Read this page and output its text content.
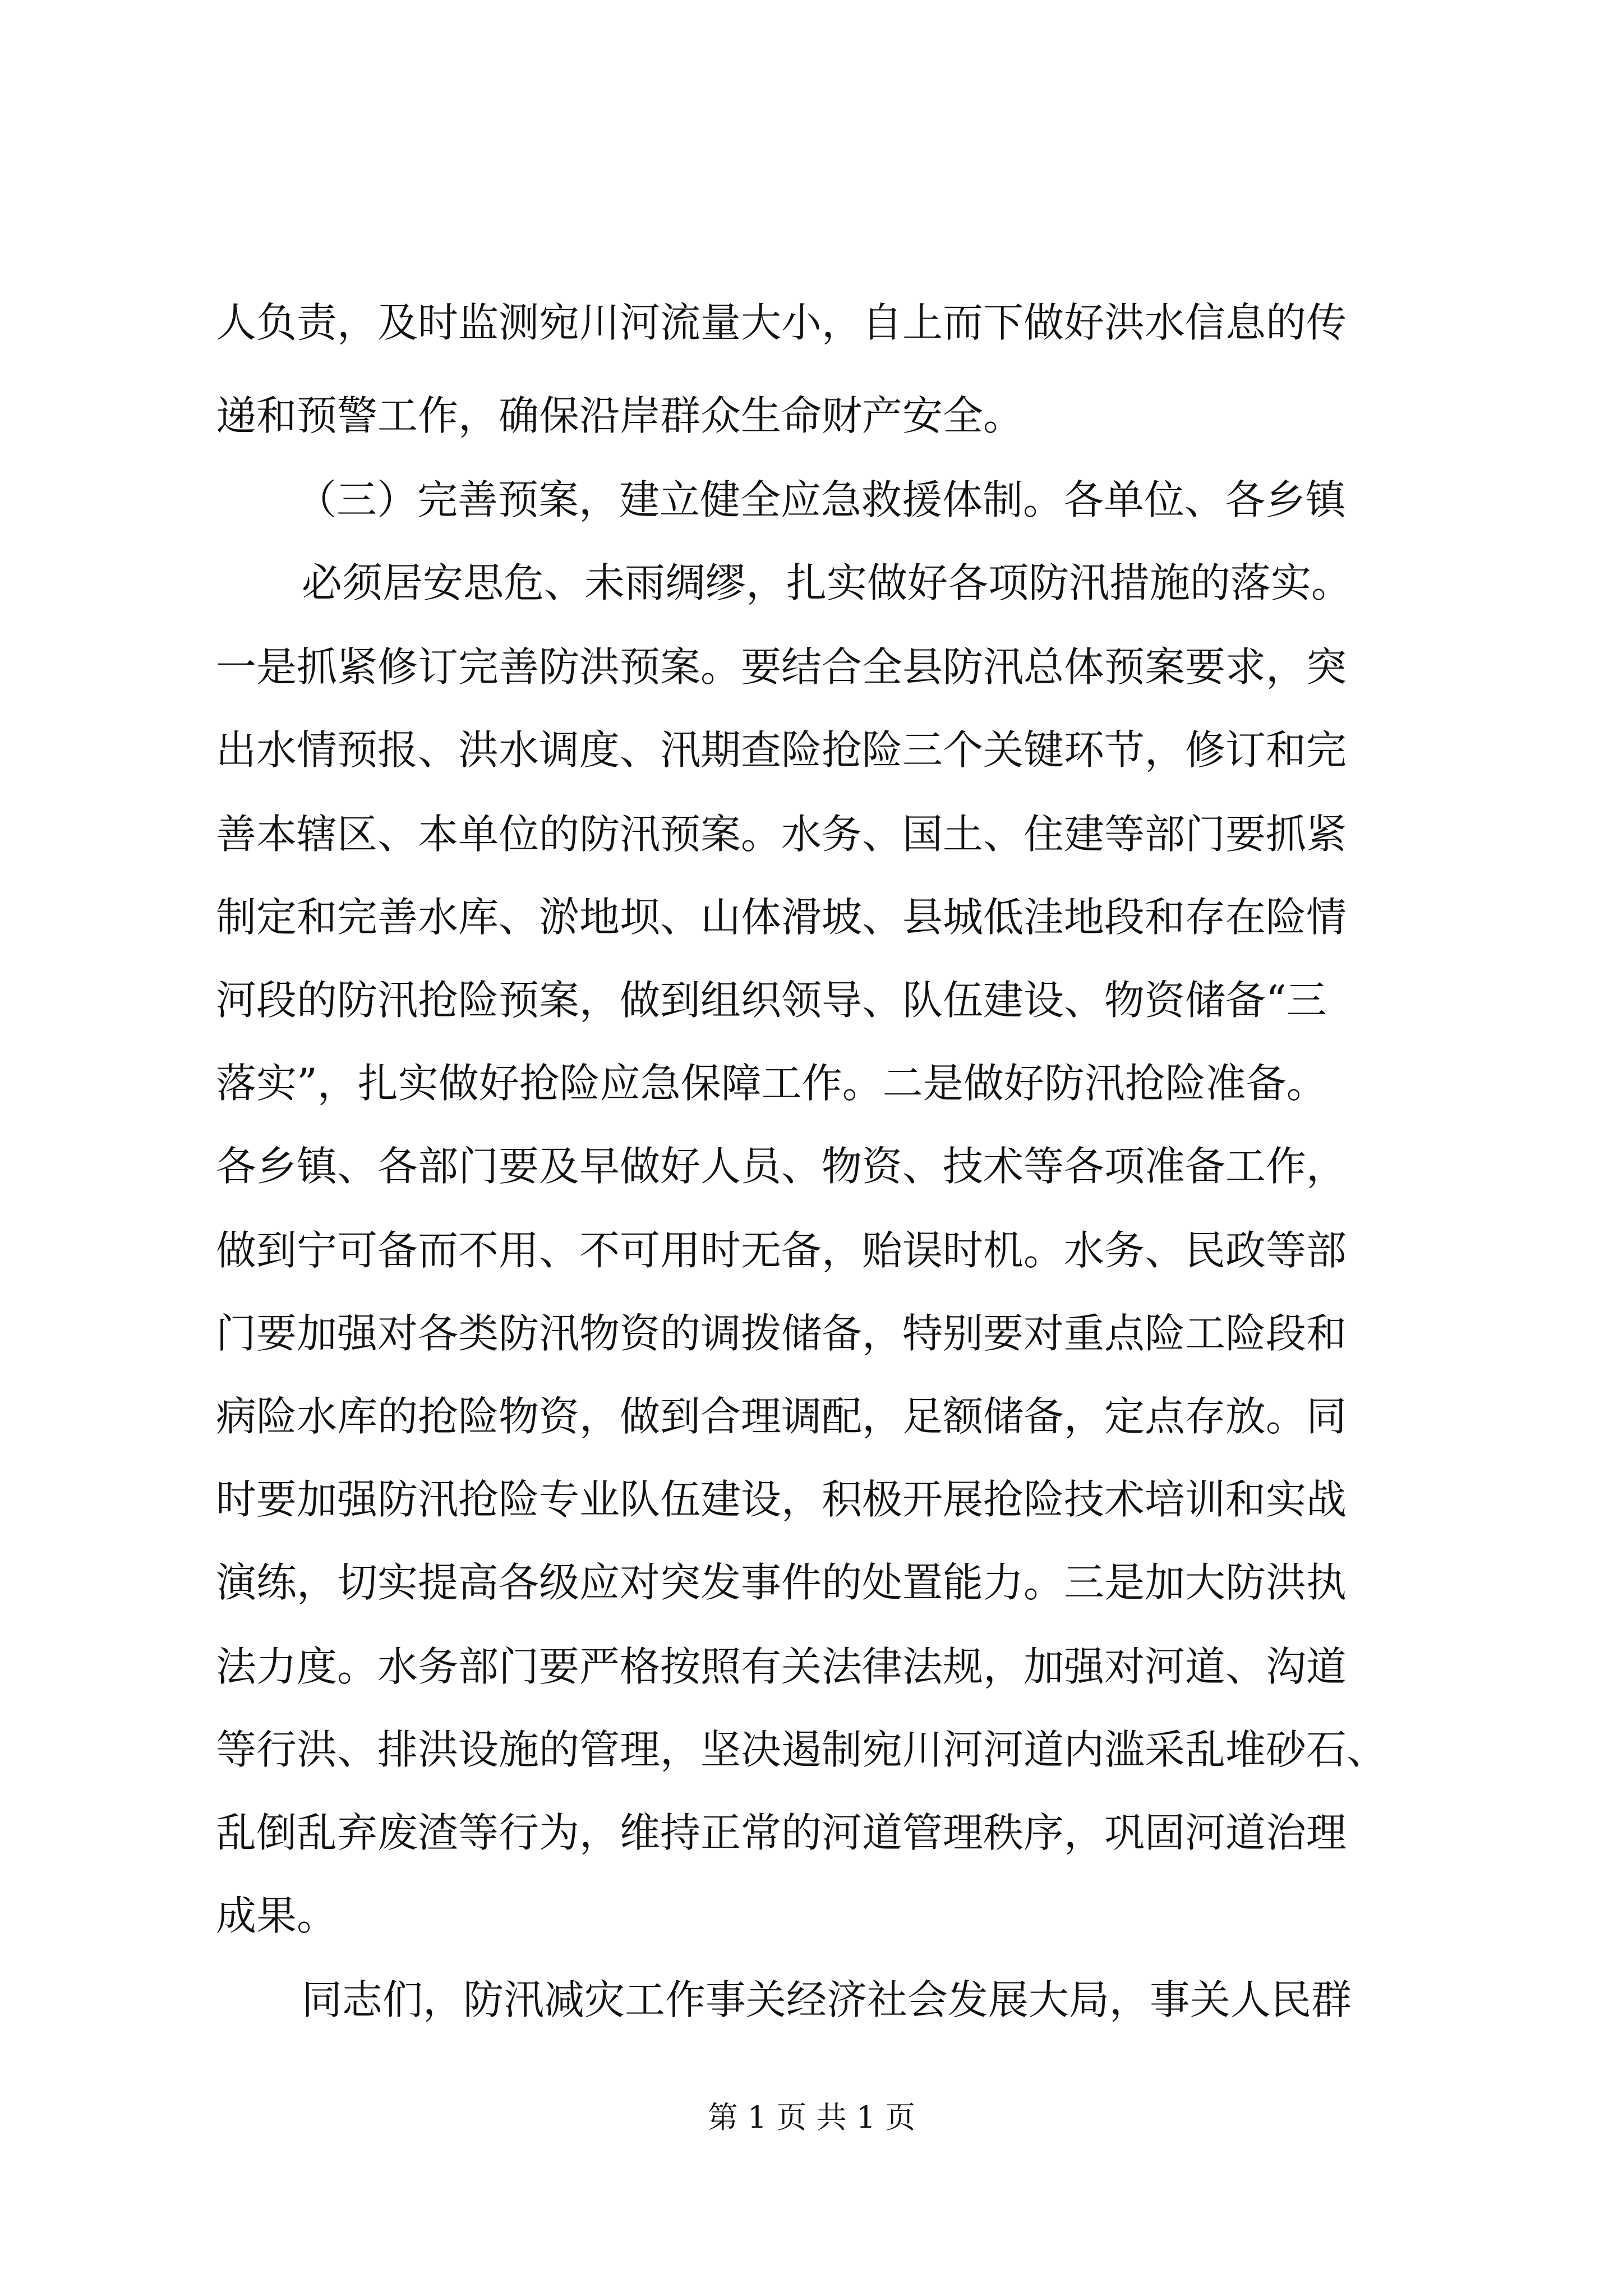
人负责，及时监测宛川河流量大小，自上而下做好洪水信息的传
递和预警工作，确保沿岸群众生命财产安全。
（三）完善预案，建立健全应急救援体制。各单位、各乡镇
必须居安思危、未雨绸缪，扎实做好各项防汛措施的落实。
一是抓紧修订完善防洪预案。要结合全县防汛总体预案要求，突
出水情预报、洪水调度、汛期查险抢险三个关键环节，修订和完
善本辖区、本单位的防汛预案。水务、国土、住建等部门要抓紧
制定和完善水库、淤地坝、山体滑坡、县城低洼地段和存在险情
河段的防汛抢险预案，做到组织领导、队伍建设、物资储备“三
落实”，扎实做好抢险应急保障工作。二是做好防汛抢险准备。
各乡镇、各部门要及早做好人员、物资、技术等各项准备工作，
做到宁可备而不用、不可用时无备，贻误时机。水务、民政等部
门要加强对各类防汛物资的调拨储备，特别要对重点险工险段和
病险水库的抢险物资，做到合理调配，足额储备，定点存放。同
时要加强防汛抢险专业队伍建设，积极开展抢险技术培训和实战
演练，切实提高各级应对突发事件的处置能力。三是加大防洪执
法力度。水务部门要严格按照有关法律法规，加强对河道、沟道
等行洪、排洪设施的管理，坚决遏制宛川河河道内滥采乱堆砂石、
乱倒乱弃废渣等行为，维持正常的河道管理秩序，巩固河道治理
成果。
同志们，防汛减灾工作事关经济社会发展大局，事关人民群
第 1 页 共 1 页
